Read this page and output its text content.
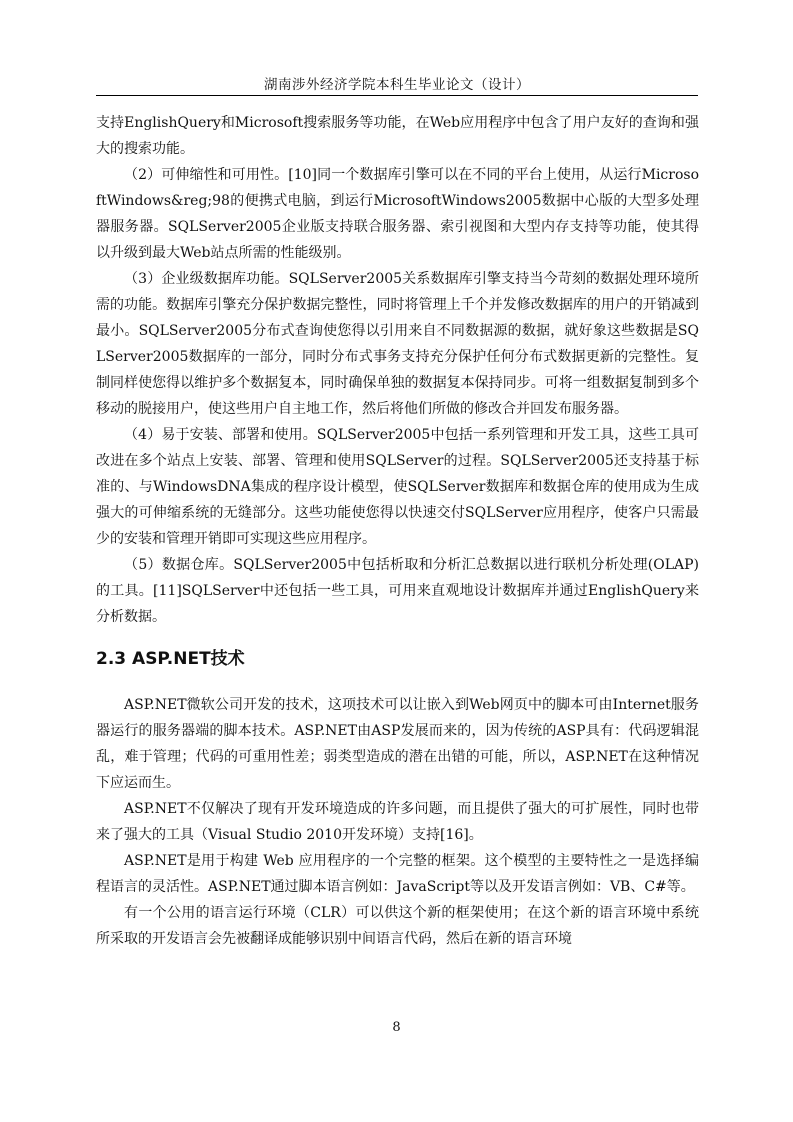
湖南涉外经济学院本科生毕业论文（设计）

支持EnglishQuery和Microsoft搜索服务等功能，在Web应用程序中包含了用户友好的查询和强大的搜索功能。

（2）可伸缩性和可用性。[10]同一个数据库引擎可以在不同的平台上使用，从运行MicrosoftWindows&reg;98的便携式电脑，到运行MicrosoftWindows2005数据中心版的大型多处理器服务器。SQLServer2005企业版支持联合服务器、索引视图和大型内存支持等功能，使其得以升级到最大Web站点所需的性能级别。

（3）企业级数据库功能。SQLServer2005关系数据库引擎支持当今苛刻的数据处理环境所需的功能。数据库引擎充分保护数据完整性，同时将管理上千个并发修改数据库的用户的开销减到最小。SQLServer2005分布式查询使您得以引用来自不同数据源的数据，就好象这些数据是SQLServer2005数据库的一部分，同时分布式事务支持充分保护任何分布式数据更新的完整性。复制同样使您得以维护多个数据复本，同时确保单独的数据复本保持同步。可将一组数据复制到多个移动的脱接用户，使这些用户自主地工作，然后将他们所做的修改合并回发布服务器。

（4）易于安装、部署和使用。SQLServer2005中包括一系列管理和开发工具，这些工具可改进在多个站点上安装、部署、管理和使用SQLServer的过程。SQLServer2005还支持基于标准的、与WindowsDNA集成的程序设计模型，使SQLServer数据库和数据仓库的使用成为生成强大的可伸缩系统的无缝部分。这些功能使您得以快速交付SQLServer应用程序，使客户只需最少的安装和管理开销即可实现这些应用程序。

（5）数据仓库。SQLServer2005中包括析取和分析汇总数据以进行联机分析处理(OLAP)的工具。[11]SQLServer中还包括一些工具，可用来直观地设计数据库并通过EnglishQuery来分析数据。

2.3 ASP.NET技术

ASP.NET微软公司开发的技术，这项技术可以让嵌入到Web网页中的脚本可由Internet服务器运行的服务器端的脚本技术。ASP.NET由ASP发展而来的，因为传统的ASP具有：代码逻辑混乱，难于管理；代码的可重用性差；弱类型造成的潜在出错的可能，所以，ASP.NET在这种情况下应运而生。

ASP.NET不仅解决了现有开发环境造成的许多问题，而且提供了强大的可扩展性，同时也带来了强大的工具（Visual Studio 2010开发环境）支持[16]。

ASP.NET是用于构建 Web 应用程序的一个完整的框架。这个模型的主要特性之一是选择编程语言的灵活性。ASP.NET通过脚本语言例如：JavaScript等以及开发语言例如：VB、C#等。

有一个公用的语言运行环境（CLR）可以供这个新的框架使用；在这个新的语言环境中系统所采取的开发语言会先被翻译成能够识别中间语言代码，然后在新的语言环境

8
